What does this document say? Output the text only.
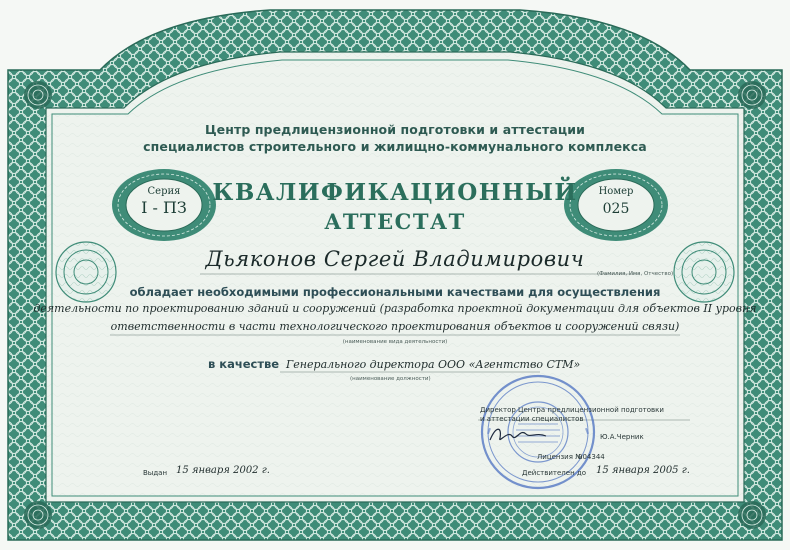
Центр предлицензионной подготовки и аттестации
специалистов строительного и жилищно-коммунального комплекса
КВАЛИФИКАЦИОННЫЙ
АТТЕСТАТ
Серия
I - ПЗ
Номер
025
Дьяконов Сергей Владимирович
(Фамилия, Имя, Отчество)
обладает необходимыми профессиональными качествами для осуществления
деятельности по проектированию зданий и сооружений (разработка проектной документации для объектов II уровня
ответственности в части технологического проектирования объектов и сооружений связи)
(наименование вида деятельности)
в качестве Генерального директора ООО «Агентство СТМ»
(наименование должности)
Директор Центра предлицензионной подготовки
и аттестации специалистов
Ю.А.Черник
Лицензия №
004344
Выдан 15 января 2002 г.	Действителен до 15 января 2005 г.
